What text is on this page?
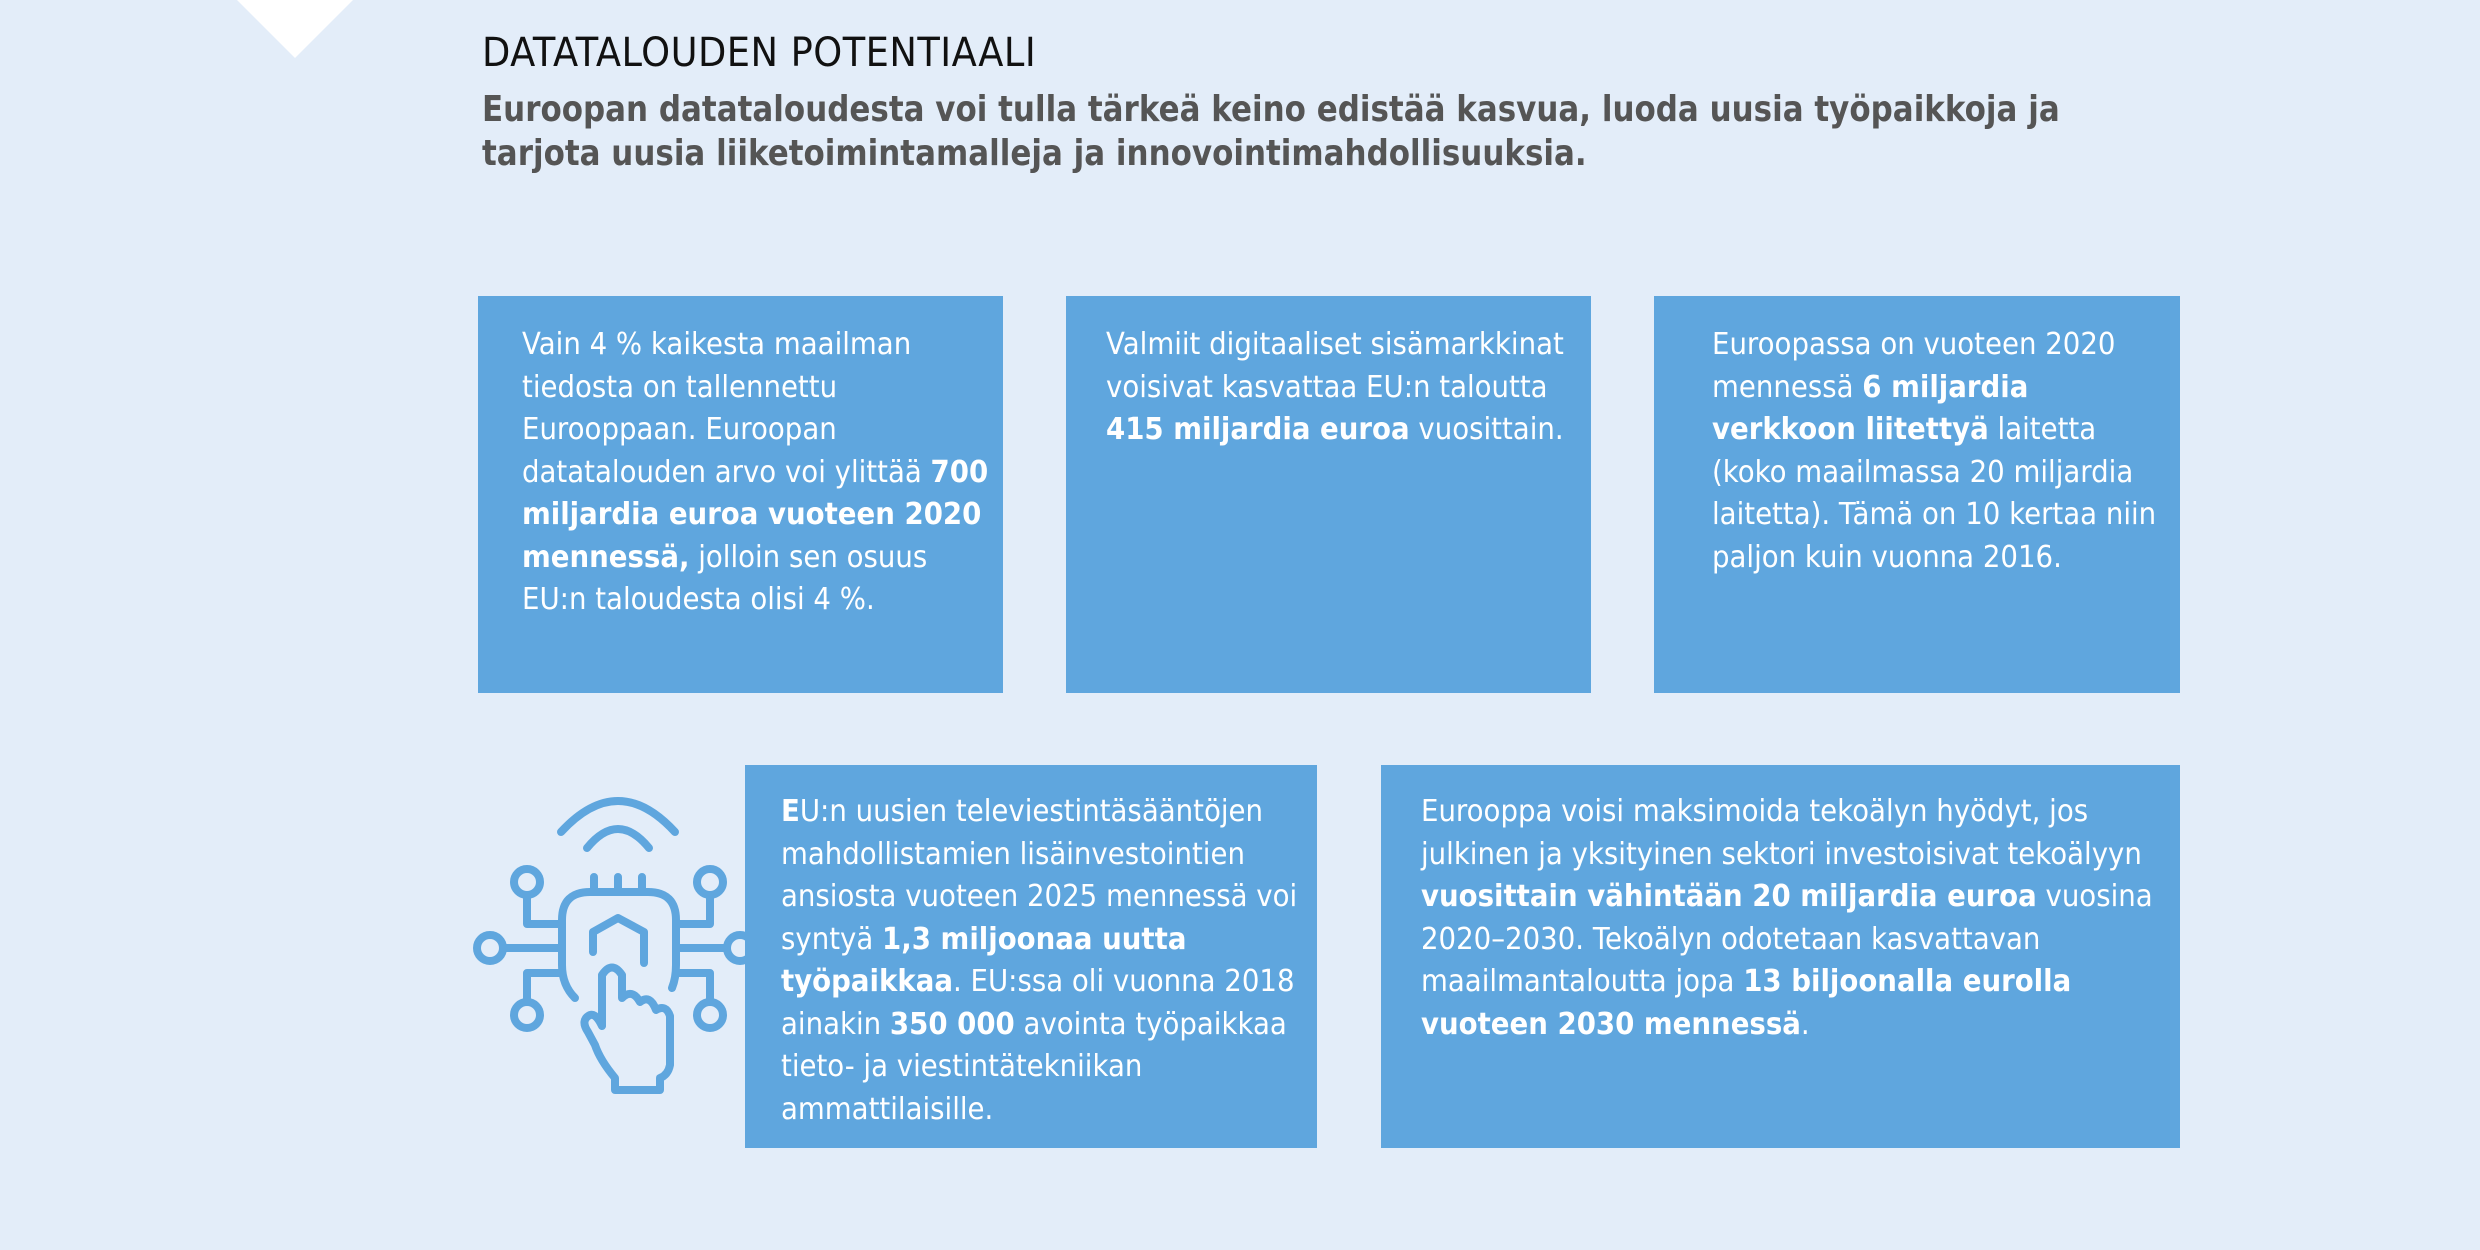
DATATALOUDEN POTENTIAALI
Euroopan datataloudesta voi tulla tärkeä keino edistää kasvua, luoda uusia työpaikkoja ja
tarjota uusia liiketoimintamalleja ja innovointimahdollisuuksia.
Vain 4 % kaikesta maailman tiedosta on tallennettu Eurooppaan. Euroopan datatalouden arvo voi ylittää 700 miljardia euroa vuoteen 2020 mennessä, jolloin sen osuus EU:n taloudesta olisi 4 %.
Valmiit digitaaliset sisämarkkinat voisivat kasvattaa EU:n taloutta 415 miljardia euroa vuosittain.
Euroopassa on vuoteen 2020 mennessä 6 miljardia verkkoon liitettyä laitetta (koko maailmassa 20 miljardia laitetta). Tämä on 10 kertaa niin paljon kuin vuonna 2016.
EU:n uusien televiestintäsääntöjen mahdollistamien lisäinvestointien ansiosta vuoteen 2025 mennessä voi syntyä 1,3 miljoonaa uutta työpaikkaa. EU:ssa oli vuonna 2018 ainakin 350 000 avointa työpaikkaa tieto- ja viestintätekniikan ammattilaisille.
Eurooppa voisi maksimoida tekoälyn hyödyt, jos julkinen ja yksityinen sektori investoisivat tekoälyyn vuosittain vähintään 20 miljardia euroa vuosina 2020–2030. Tekoälyn odotetaan kasvattavan maailmantaloutta jopa 13 biljoonalla eurolla vuoteen 2030 mennessä.
